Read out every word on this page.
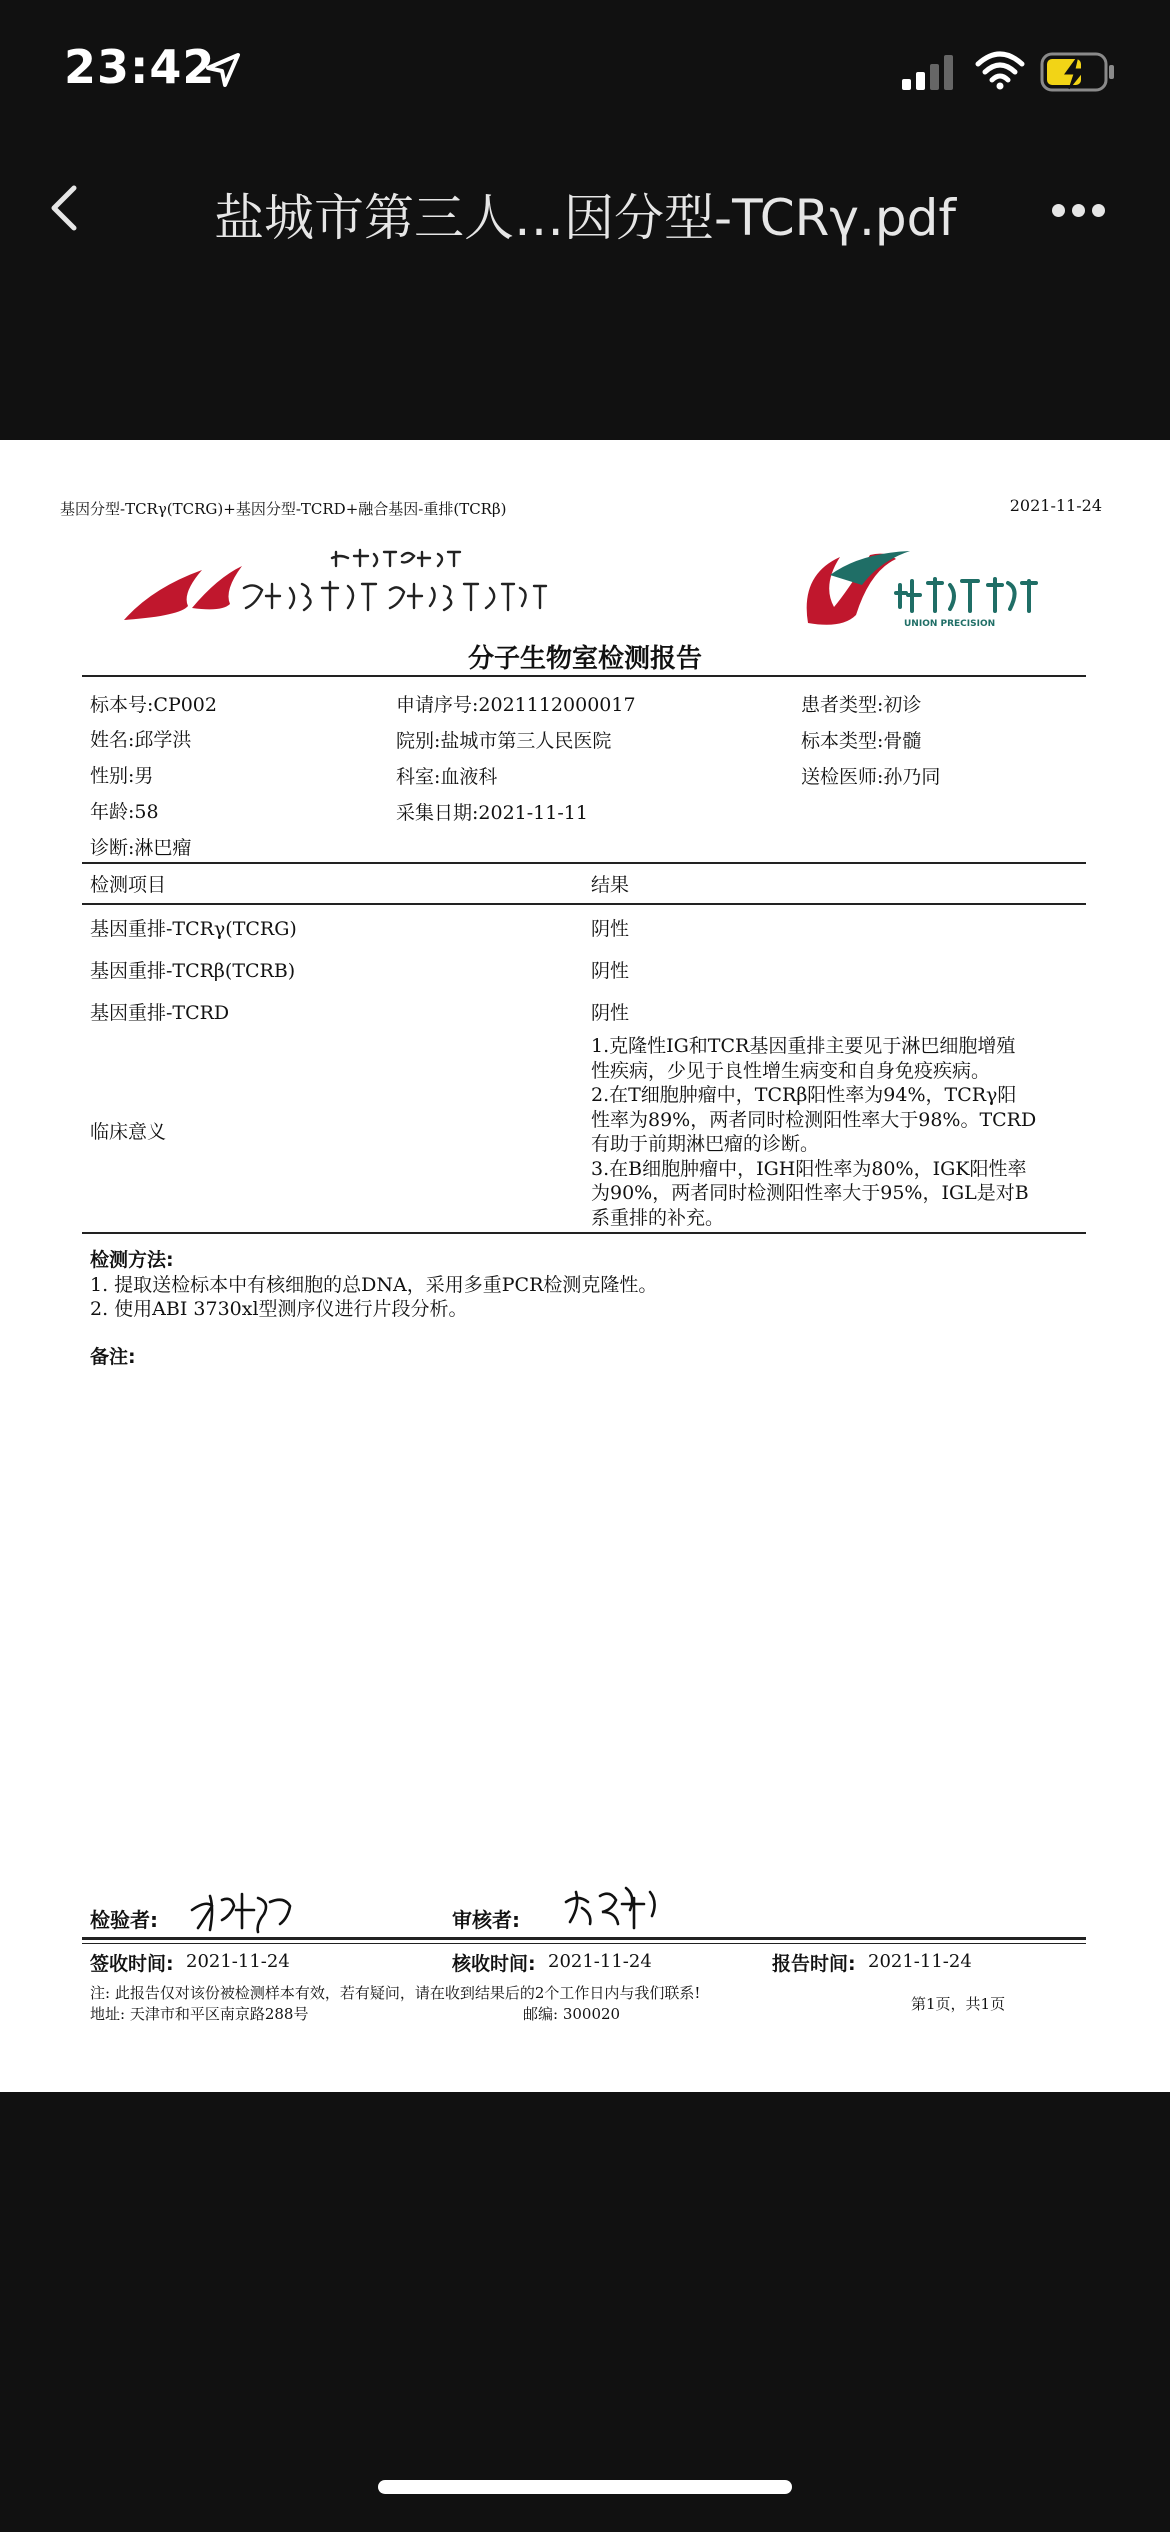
23:42
盐城市第三人…因分型-TCRγ.pdf
基因分型-TCRγ(TCRG)+基因分型-TCRD+融合基因-重排(TCRβ)	2021-11-24
UNION PRECISION
分子生物室检测报告
标本号:CP002	申请序号:2021112000017	患者类型:初诊
姓名:邱学洪	院别:盐城市第三人民医院	标本类型:骨髓
性别:男	科室:血液科	送检医师:孙乃同
年龄:58	采集日期:2021-11-11
诊断:淋巴瘤
检测项目	结果
基因重排-TCRγ(TCRG)	阴性
基因重排-TCRβ(TCRB)	阴性
基因重排-TCRD	阴性
临床意义
1.克隆性IG和TCR基因重排主要见于淋巴细胞增殖
性疾病，少见于良性增生病变和自身免疫疾病。
2.在T细胞肿瘤中，TCRβ阳性率为94%，TCRγ阳
性率为89%，两者同时检测阳性率大于98%。TCRD
有助于前期淋巴瘤的诊断。
3.在B细胞肿瘤中，IGH阳性率为80%，IGK阳性率
为90%，两者同时检测阳性率大于95%，IGL是对B
系重排的补充。
检测方法:
1. 提取送检标本中有核细胞的总DNA，采用多重PCR检测克隆性。
2. 使用ABI 3730xl型测序仪进行片段分析。
备注:
检验者:	审核者:
签收时间: 2021-11-24	核收时间: 2021-11-24	报告时间: 2021-11-24
注: 此报告仅对该份被检测样本有效，若有疑问，请在收到结果后的2个工作日内与我们联系!
地址: 天津市和平区南京路288号	邮编: 300020
第1页，共1页
